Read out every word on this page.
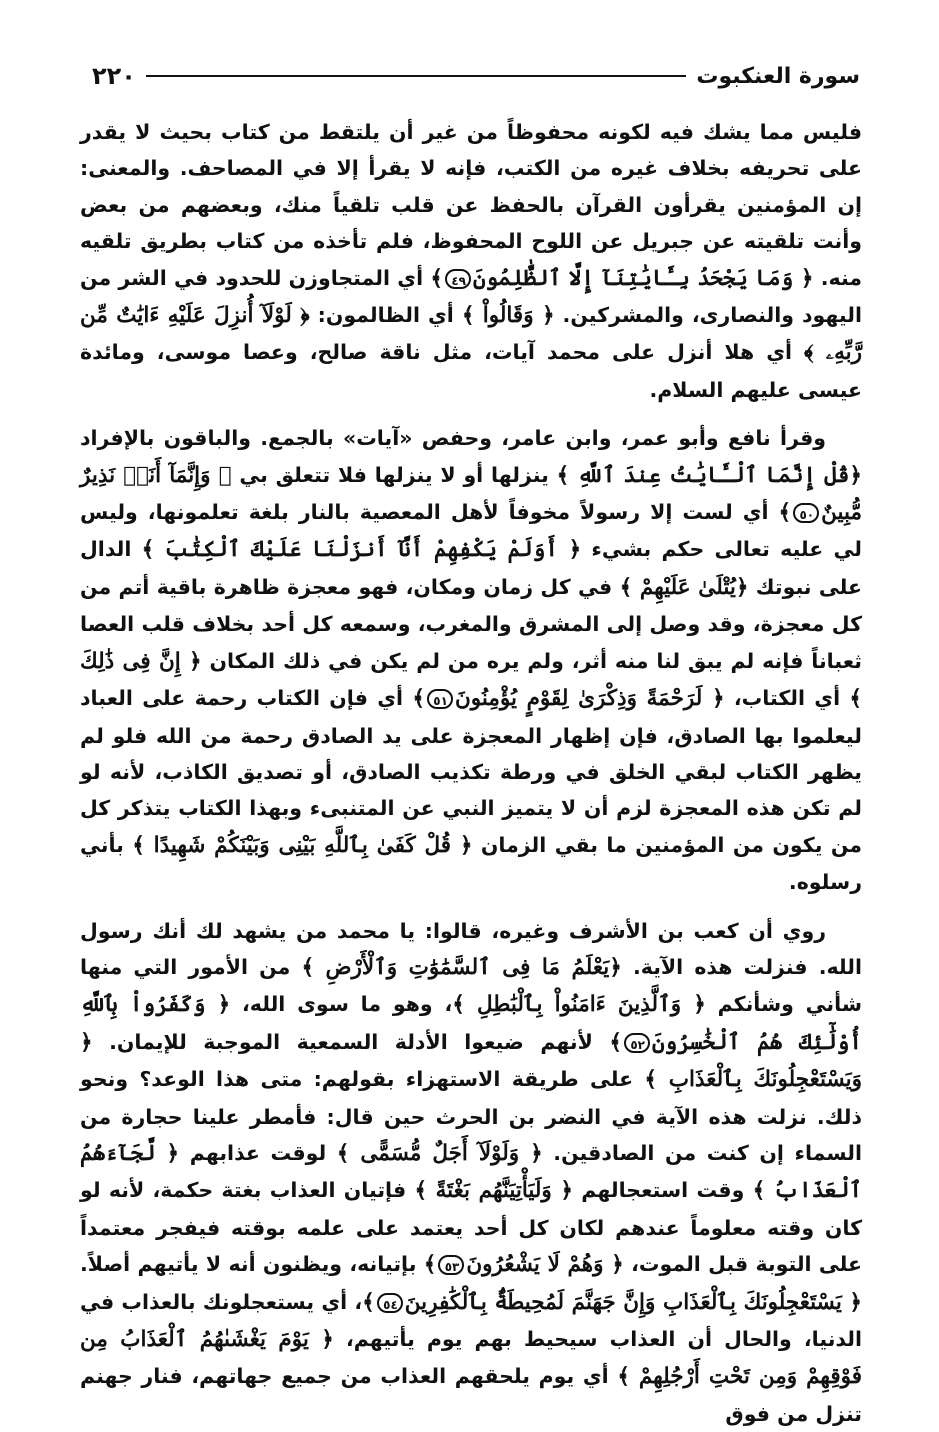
٢٢٠	سورة العنكبوت

فليس مما يشك فيه لكونه محفوظاً من غير أن يلتقط من كتاب بحيث لا يقدر على تحريفه بخلاف غيره من الكتب، فإنه لا يقرأ إلا في المصاحف. والمعنى: إن المؤمنين يقرأون القرآن بالحفظ عن قلب تلقياً منك، وبعضهم من بعض وأنت تلقيته عن جبريل عن اللوح المحفوظ، فلم تأخذه من كتاب بطريق تلقيه منه. ﴿ وَمَا يَجْحَدُ بِـَٔايَٰتِنَآ إِلَّا ٱلظَّٰلِمُونَ٤٩﴾ أي المتجاوزن للحدود في الشر من اليهود والنصارى، والمشركين. ﴿ وَقَالُواْ ﴾ أي الظالمون: ﴿ لَوْلَآ أُنزِلَ عَلَيْهِ ءَايَٰتٌ مِّن رَّبِّهِۦ ﴾ أي هلا أنزل على محمد آيات، مثل ناقة صالح، وعصا موسى، ومائدة عيسى عليهم السلام.

وقرأ نافع وأبو عمر، وابن عامر، وحفص «آيات» بالجمع. والباقون بالإفراد ﴿قُلْ إِنَّمَا ٱلْـَٔايَٰتُ عِندَ ٱللَّهِ ﴾ ينزلها أو لا ينزلها فلا تتعلق بي ﴿ وَإِنَّمَآ أَنَا۠ نَذِيرٌ مُّبِينٌ٥٠﴾ أي لست إلا رسولاً مخوفاً لأهل المعصية بالنار بلغة تعلمونها، وليس لي عليه تعالى حكم بشيء ﴿ أَوَلَمْ يَكْفِهِمْ أَنَّآ أَنزَلْنَا عَلَيْكَ ٱلْكِتَٰبَ ﴾ الدال على نبوتك ﴿يُتْلَىٰ عَلَيْهِمْ ﴾ في كل زمان ومكان، فهو معجزة ظاهرة باقية أتم من كل معجزة، وقد وصل إلى المشرق والمغرب، وسمعه كل أحد بخلاف قلب العصا ثعباناً فإنه لم يبق لنا منه أثر، ولم يره من لم يكن في ذلك المكان ﴿ إِنَّ فِى ذَٰلِكَ ﴾ أي الكتاب، ﴿ لَرَحْمَةً وَذِكْرَىٰ لِقَوْمٍ يُؤْمِنُونَ٥١﴾ أي فإن الكتاب رحمة على العباد ليعلموا بها الصادق، فإن إظهار المعجزة على يد الصادق رحمة من الله فلو لم يظهر الكتاب لبقي الخلق في ورطة تكذيب الصادق، أو تصديق الكاذب، لأنه لو لم تكن هذه المعجزة لزم أن لا يتميز النبي عن المتنبىء وبهذا الكتاب يتذكر كل من يكون من المؤمنين ما بقي الزمان ﴿ قُلْ كَفَىٰ بِٱللَّهِ بَيْنِى وَبَيْنَكُمْ شَهِيدًا ﴾ بأني رسلوه.

روي أن كعب بن الأشرف وغيره، قالوا: يا محمد من يشهد لك أنك رسول الله. فنزلت هذه الآية. ﴿يَعْلَمُ مَا فِى ٱلسَّمَٰوَٰتِ وَٱلْأَرْضِ ﴾ من الأمور التي منها شأني وشأنكم ﴿ وَٱلَّذِينَ ءَامَنُواْ بِٱلْبَٰطِلِ ﴾، وهو ما سوى الله، ﴿ وَكَفَرُواْ بِٱللَّهِ أُوْلَٰٓئِكَ هُمُ ٱلْخَٰسِرُونَ٥٢﴾ لأنهم ضيعوا الأدلة السمعية الموجبة للإيمان. ﴿ وَيَسْتَعْجِلُونَكَ بِٱلْعَذَابِ ﴾ على طريقة الاستهزاء بقولهم: متى هذا الوعد؟ ونحو ذلك. نزلت هذه الآية في النضر بن الحرث حين قال: فأمطر علينا حجارة من السماء إن كنت من الصادقين. ﴿ وَلَوْلَآ أَجَلٌ مُّسَمًّى ﴾ لوقت عذابهم ﴿ لَّجَآءَهُمُ ٱلْعَذَابُ ﴾ وقت استعجالهم ﴿ وَلَيَأْتِيَنَّهُم بَغْتَةً ﴾ فإتيان العذاب بغتة حكمة، لأنه لو كان وقته معلوماً عندهم لكان كل أحد يعتمد على علمه بوقته فيفجر معتمداً على التوبة قبل الموت، ﴿ وَهُمْ لَا يَشْعُرُونَ٥٣﴾ بإتيانه، ويظنون أنه لا يأتيهم أصلاً. ﴿ يَسْتَعْجِلُونَكَ بِٱلْعَذَابِ وَإِنَّ جَهَنَّمَ لَمُحِيطَةٌۢ بِٱلْكَٰفِرِينَ٥٤﴾، أي يستعجلونك بالعذاب في الدنيا، والحال أن العذاب سيحيط بهم يوم يأتيهم، ﴿ يَوْمَ يَغْشَىٰهُمُ ٱلْعَذَابُ مِن فَوْقِهِمْ وَمِن تَحْتِ أَرْجُلِهِمْ ﴾ أي يوم يلحقهم العذاب من جميع جهاتهم، فنار جهنم تنزل من فوق
